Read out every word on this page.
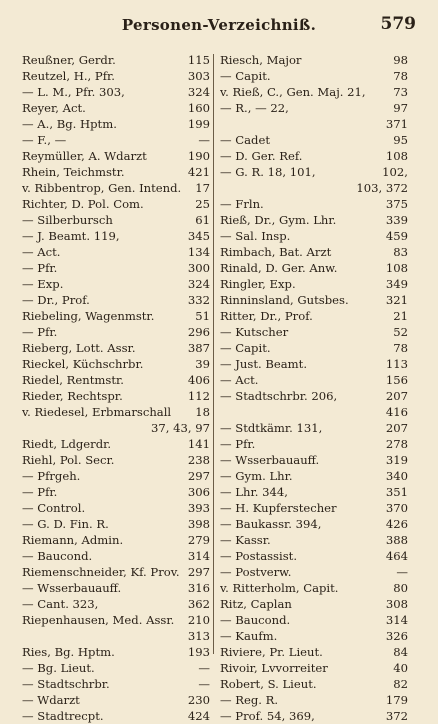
Personen-Verzeichniß.	579
Reußner, Gerdr.	115
Reutzel, H., Pfr.	303
— L. M., Pfr. 303,	324
Reyer, Act.	160
— A., Bg. Hptm.	199
— F., —	—
Reymüller, A. Wdarzt	190
Rhein, Teichmstr.	421
v. Ribbentrop, Gen. Intend.	17
Richter, D. Pol. Com.	25
— Silberbursch	61
— J. Beamt. 119,	345
— Act.	134
— Pfr.	300
— Exp.	324
— Dr., Prof.	332
Riebeling, Wagenmstr.	51
— Pfr.	296
Rieberg, Lott. Assr.	387
Rieckel, Küchschrbr.	39
Riedel, Rentmstr.	406
Rieder, Rechtspr.	112
v. Riedesel, Erbmarschall	18
37, 43, 97
Riedt, Ldgerdr.	141
Riehl, Pol. Secr.	238
— Pfrgeh.	297
— Pfr.	306
— Control.	393
— G. D. Fin. R.	398
Riemann, Admin.	279
— Baucond.	314
Riemenschneider, Kf. Prov. 297
— Wsserbauauff.	316
— Cant. 323,	362
Riepenhausen, Med. Assr.	210
313
Ries, Bg. Hptm.	193
— Bg. Lieut.	—
— Stadtschrbr.	—
— Wdarzt	230
— Stadtrecpt.	424
Riesch, Major	98
— Capit.	78
v. Rieß, C., Gen. Maj. 21,	73
— R., — 22,	97
371
— Cadet	95
— D. Ger. Ref.	108
— G. R. 18, 101,	102,
103, 372
— Frln.	375
Rieß, Dr., Gym. Lhr.	339
— Sal. Insp.	459
Rimbach, Bat. Arzt	83
Rinald, D. Ger. Anw.	108
Ringler, Exp.	349
Rinninsland, Gutsbes.	321
Ritter, Dr., Prof.	21
— Kutscher	52
— Capit.	78
— Just. Beamt.	113
— Act.	156
— Stadtschrbr. 206,	207
416
— Stdtkämr. 131,	207
— Pfr.	278
— Wsserbauauff.	319
— Gym. Lhr.	340
— Lhr. 344,	351
— H. Kupferstecher	370
— Baukassr. 394,	426
— Kassr.	388
— Postassist.	464
— Postverw.	—
v. Ritterholm, Capit.	80
Ritz, Caplan	308
— Baucond.	314
— Kaufm.	326
Riviere, Pr. Lieut.	84
Rivoir, Lvvorreiter	40
Robert, S. Lieut.	82
— Reg. R.	179
— Prof. 54, 369,	372
